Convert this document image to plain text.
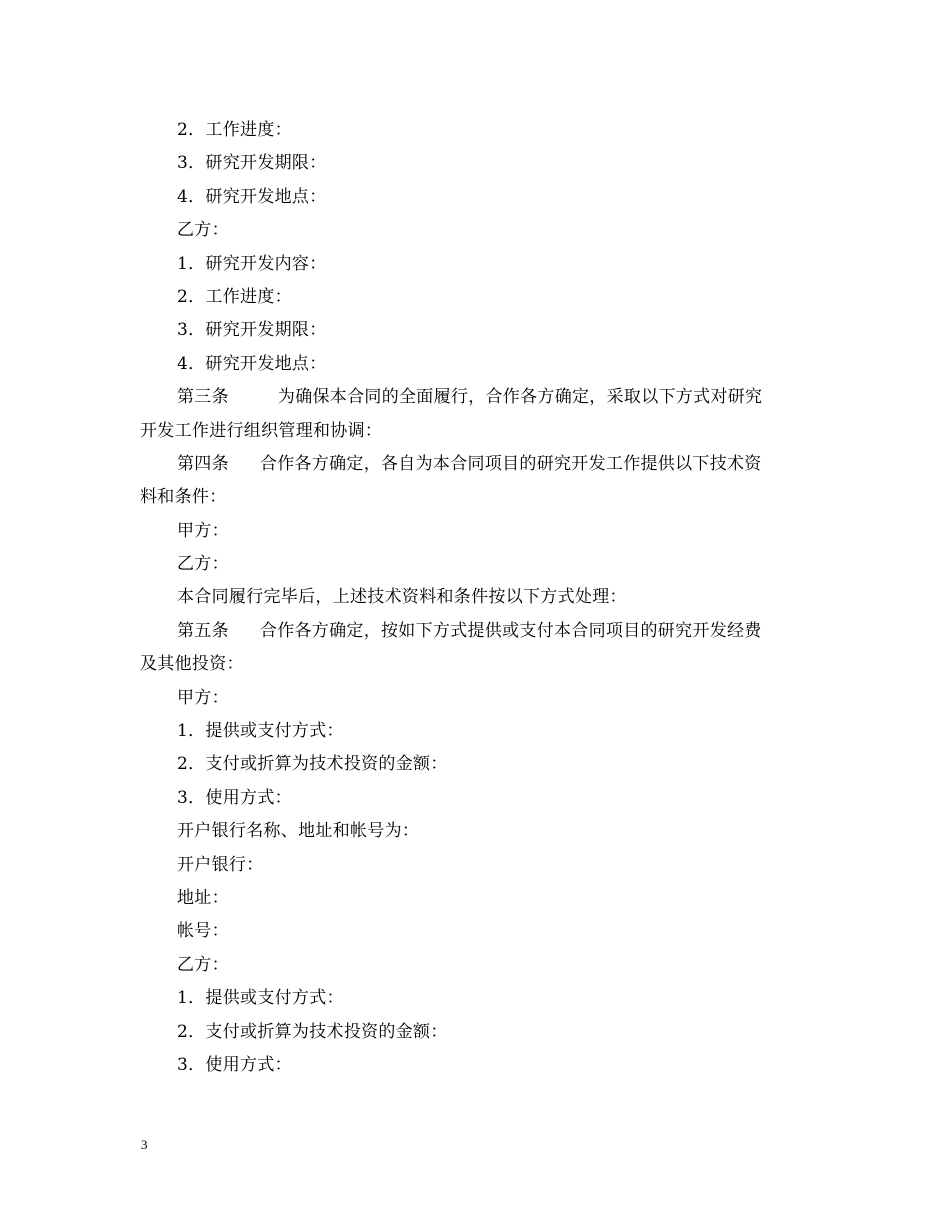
2．工作进度：
3．研究开发期限：
4．研究开发地点：
乙方：
1．研究开发内容：
2．工作进度：
3．研究开发期限：
4．研究开发地点：
第三条	为确保本合同的全面履行，合作各方确定，采取以下方式对研究
开发工作进行组织管理和协调：
第四条 合作各方确定，各自为本合同项目的研究开发工作提供以下技术资
料和条件：
甲方：
乙方：
本合同履行完毕后，上述技术资料和条件按以下方式处理：
第五条 合作各方确定，按如下方式提供或支付本合同项目的研究开发经费
及其他投资：
甲方：
1．提供或支付方式：
2．支付或折算为技术投资的金额：
3．使用方式：
开户银行名称、地址和帐号为：
开户银行：
地址：
帐号：
乙方：
1．提供或支付方式：
2．支付或折算为技术投资的金额：
3．使用方式：
3
